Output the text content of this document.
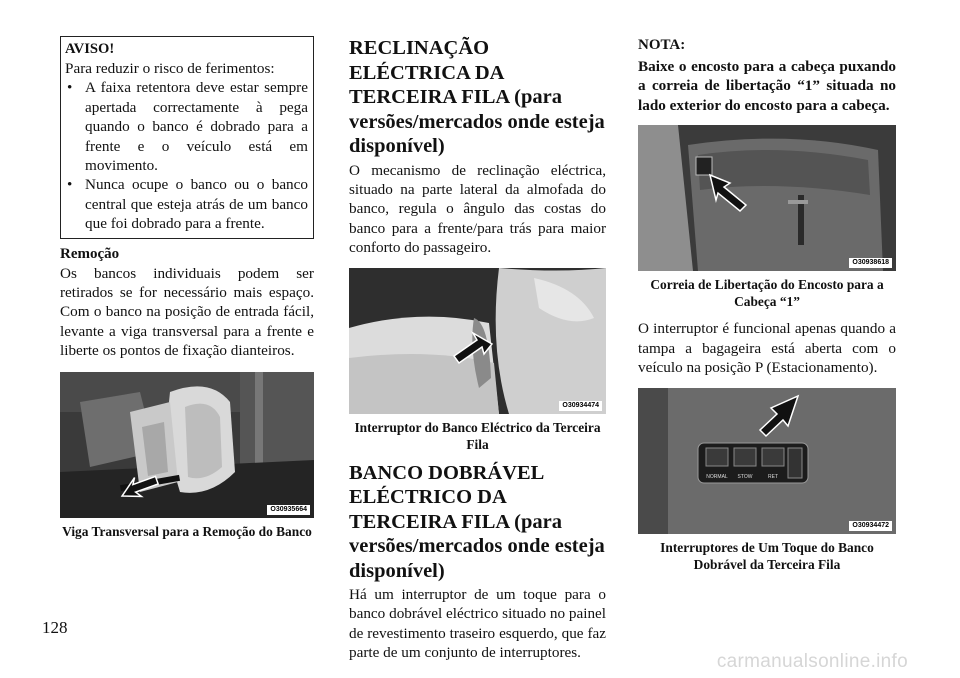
AVISO!
Para reduzir o risco de ferimentos:
• A faixa retentora deve estar sempre apertada correctamente à pega quando o banco é dobrado para a frente e o veículo está em movimento.
• Nunca ocupe o banco ou o banco central que esteja atrás de um banco que foi dobrado para a frente.
Remoção

Os bancos individuais podem ser retirados se for necessário mais espaço. Com o banco na posição de entrada fácil, levante a viga transversal para a frente e liberte os pontos de fixação dianteiros.

O30935664
Viga Transversal para a Remoção do Banco
RECLINAÇÃO ELÉCTRICA DA TERCEIRA FILA (para versões/mercados onde esteja disponível)

O mecanismo de reclinação eléctrica, situado na parte lateral da almofada do banco, regula o ângulo das costas do banco para a frente/para trás para maior conforto do passageiro.

O30934474
Interruptor do Banco Eléctrico da Terceira Fila
BANCO DOBRÁVEL ELÉCTRICO DA TERCEIRA FILA (para versões/mercados onde esteja disponível)

Há um interruptor de um toque para o banco dobrável eléctrico situado no painel de revestimento traseiro esquerdo, que faz parte de um conjunto de interruptores.

NOTA:
Baixe o encosto para a cabeça puxando a correia de libertação “1” situada no lado exterior do encosto para a cabeça.
O30938618
Correia de Libertação do Encosto para a Cabeça “1”

O interruptor é funcional apenas quando a tampa a bagageira está aberta com o veículo na posição P (Estacionamento).

NORMAL STOW	RET
O30934472
Interruptores de Um Toque do Banco Dobrável da Terceira Fila
128
carmanualsonline.info
